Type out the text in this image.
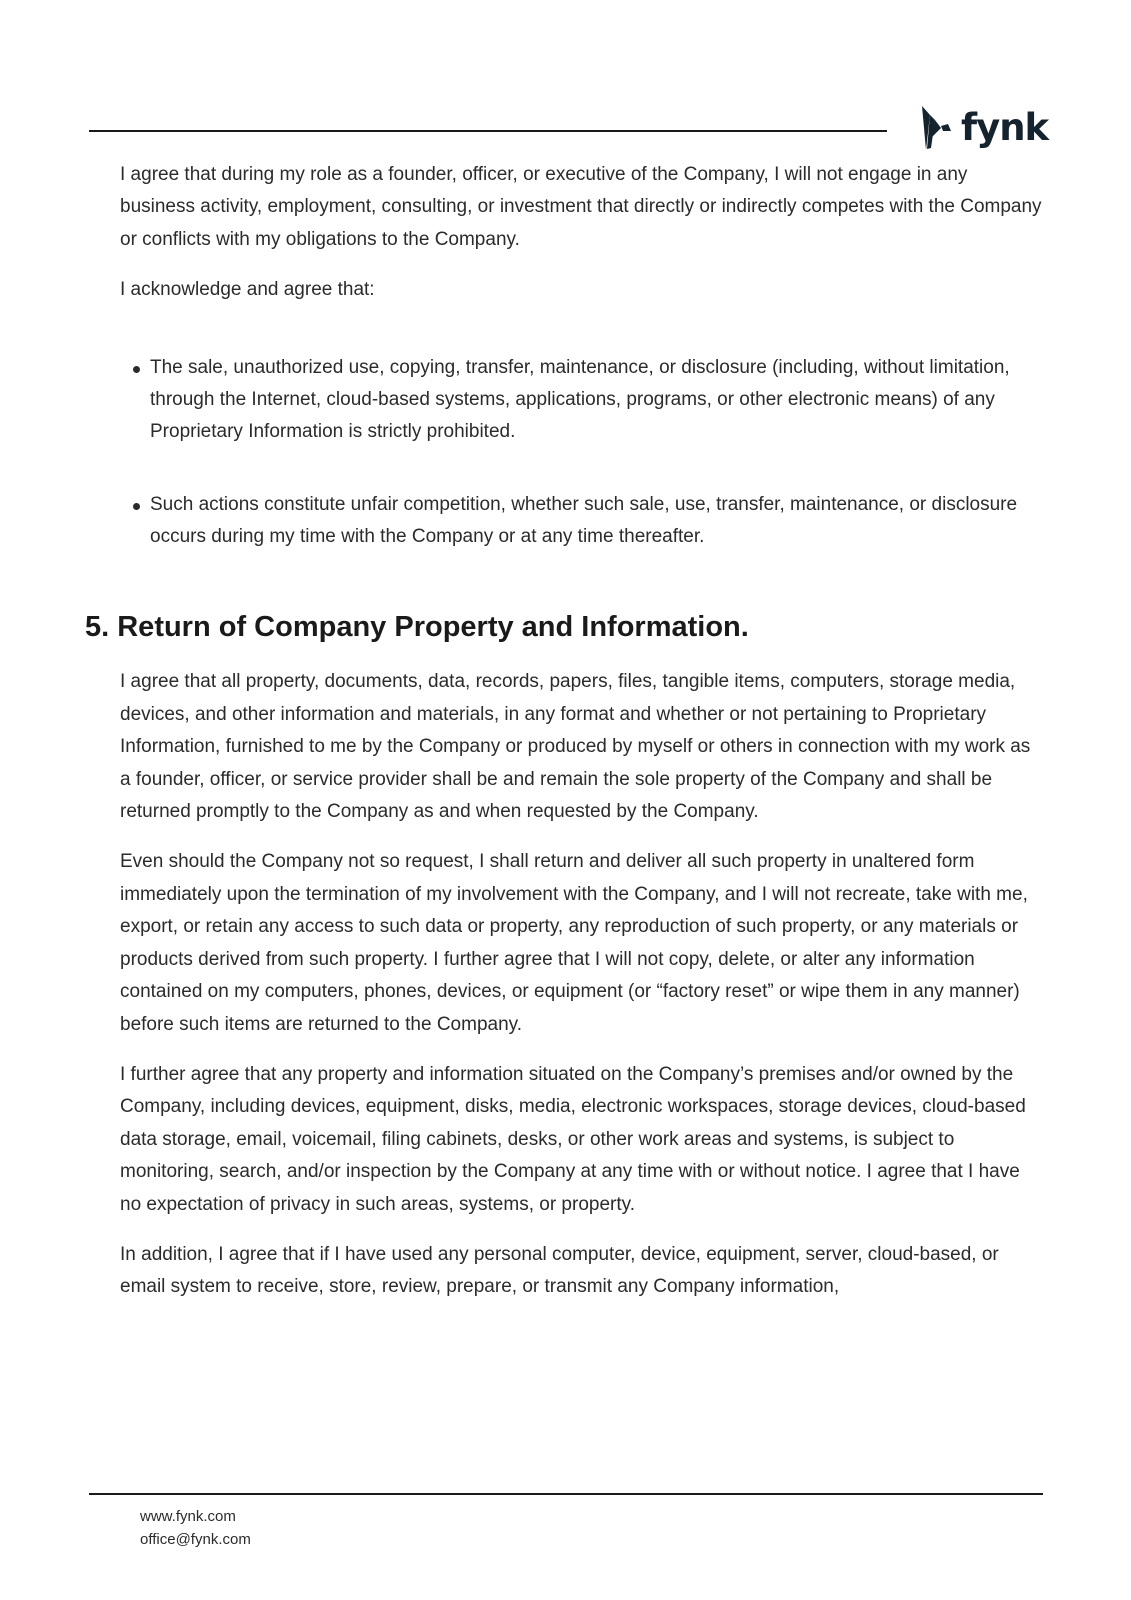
fynk

I agree that during my role as a founder, officer, or executive of the Company, I will not engage in any business activity, employment, consulting, or investment that directly or indirectly competes with the Company or conflicts with my obligations to the Company.

I acknowledge and agree that:

The sale, unauthorized use, copying, transfer, maintenance, or disclosure (including, without limitation, through the Internet, cloud-based systems, applications, programs, or other electronic means) of any Proprietary Information is strictly prohibited.
Such actions constitute unfair competition, whether such sale, use, transfer, maintenance, or disclosure occurs during my time with the Company or at any time thereafter.
5. Return of Company Property and Information.

I agree that all property, documents, data, records, papers, files, tangible items, computers, storage media, devices, and other information and materials, in any format and whether or not pertaining to Proprietary Information, furnished to me by the Company or produced by myself or others in connection with my work as a founder, officer, or service provider shall be and remain the sole property of the Company and shall be returned promptly to the Company as and when requested by the Company.

Even should the Company not so request, I shall return and deliver all such property in unaltered form immediately upon the termination of my involvement with the Company, and I will not recreate, take with me, export, or retain any access to such data or property, any reproduction of such property, or any materials or products derived from such property. I further agree that I will not copy, delete, or alter any information contained on my computers, phones, devices, or equipment (or “factory reset” or wipe them in any manner) before such items are returned to the Company.

I further agree that any property and information situated on the Company’s premises and/or owned by the Company, including devices, equipment, disks, media, electronic workspaces, storage devices, cloud-based data storage, email, voicemail, filing cabinets, desks, or other work areas and systems, is subject to monitoring, search, and/or inspection by the Company at any time with or without notice. I agree that I have no expectation of privacy in such areas, systems, or property.

In addition, I agree that if I have used any personal computer, device, equipment, server, cloud-based, or email system to receive, store, review, prepare, or transmit any Company information,

www.fynk.com
office@fynk.com
